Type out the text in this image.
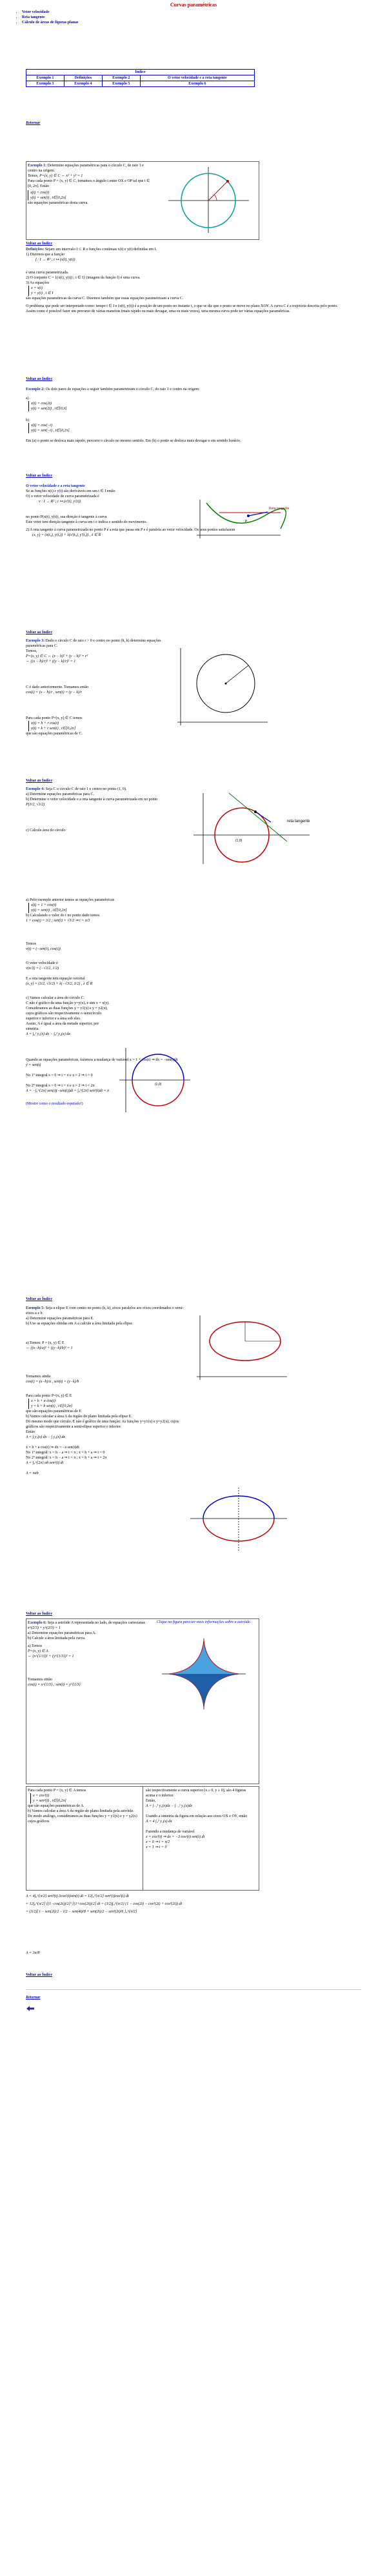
Curvas paramétricas
• Vetor velocidade
• Reta tangente
• Cálculo de áreas de figuras planas
Índice			
Exemplo 1	Definições	Exemplo 2	O vetor velocidade e a reta tangente
Exemplo 3	Exemplo 4	Exemplo 5	Exemplo 6
Retornar
Exemplo 1: Determine equações paramétricas para o círculo C, de raio 1 e centro na origem.
Temos, P=(x, y) ∈ C ⇔ x² + y² = 1
Para cada ponto P = (x, y) ∈ C, tomamos o ângulo t entre OX e OP tal que t ∈ [0, 2π]. Então
x(t) = cos(t)
y(t) = sen(t) , t∈[0,2π]
são equações paramétricas desta curva.
Voltar ao Índice
Definições: Sejam um intervalo I ⊂ R e funções contínuas x(t) e y(t) definidas em I.
1) Dizemos que a função
f : I → R² ; t ↦ (x(t), y(t))
é uma curva parametrizada.
2) O conjunto C = {(x(t), y(t)) ; t ∈ I} (imagem da função f) é uma curva.
3) As equações
x = x(t)
y = y(t) , t ∈ I
são equações paramétricas da curva C. Dizemos também que essas equações parametrizam a curva C.
O problema que pode ser interpretado como: tempo t ∈ I e (x(t), y(t)) é a posição de um ponto no instante t, o que se diz que o ponto se move no plano XOY. A curva C é a trajetória descrita pelo ponto.
Assim como é possível fazer um percurso de várias maneiras (mais rápido ou mais devagar, uma ou mais vezes), uma mesma curva pode ter várias equações paramétricas.
Voltar ao Índice
Exemplo 2: Os dois pares de equações a seguir também parametrizam o círculo C, do raio 1 e centro na origem:
a)
x(t) = cos(2t)
y(t) = sen(2t) , t∈[0,π]
b)
x(t) = cos(−t)
y(t) = sen(−t) , t∈[0,2π]
Em (a) o ponto se desloca mais rápido, percorre o círculo no mesmo sentido. Em (b) o ponto se desloca mais devagar e em sentido horário.
Voltar ao Índice
O vetor velocidade e a reta tangente
Se as funções x(t) e y(t) são deriváveis em um t ∈ I então
O) o vetor velocidade de curva parametrizada é
v : I → R² ; t ↦ (x′(t), y′(t))
no ponto P(x(t), y(t)), sua direção é tangente à curva
Este vetor tem direção tangente à curva em t e indica o sentido do movimento.
2) A reta tangente à curva parametrizada no ponto P é a reta que passa em P e é paralela ao vetor velocidade. Os seus pontos satisfazem
(x, y) = (x(t₀), y(t₀)) + λ(x′(t₀), y′(t₀)) , λ ∈ R
Reta tangente
P
Voltar ao Índice
Exemplo 3: Dado o círculo C de raio r > 0 e centro no ponto (h, k) determine equações paramétricas para C.
Temos,
P=(x, y) ∈ C ⇔ (x − h)² + (y − k)² = r²
⇔ ((x − h)/r)² + ((y − k)/r)² = 1
C é dado anteriormente. Tomamos então
cos(t) = (x − h)/r , sen(t) = (y − k)/r
Para cada ponto P=(x, y) ∈ C temos
x(t) = h + r cos(t)
y(t) = k + r sen(t) , t∈[0,2π]
que são equações paramétricas de C.
Voltar ao Índice
Exemplo 4: Seja C o círculo C de raio 1 e centro no ponto (1, 0).
a) Determine equações paramétricas para C.
b) Determine o vetor velocidade e a reta tangente à curva parametrizada em no ponto
P(3/2, √3/2)
c) Calcule área do círculo
reta tangente
(1,0)
a) Pelo exemplo anterior temos as equações paramétricas
x(t) = 1 + cos(t)
y(t) = sen(t) , t∈[0,2π]
b) Calculando o valor do t no ponto dado temos
1 + cos(t) = 3/2 ; sen(t) = √3/2 ⇒ t = π/3
Temos
v(t) = (−sen(t), cos(t))
O vetor velocidade é
v(π/3) = (−√3/2, 1/2)
E a reta tangente tem equação vetorial
(x, y) = (3/2, √3/2) + λ(−√3/2, 1/2) , λ ∈ R
c) Vamos calcular a área do círculo C.
C não é gráfico de uma função y=y(x), e sim x = x(y).
Consideramos as duas funções y = y1(x) e y = y2(x), cujos gráficos são respectivamente o semicírculo superior e inferior e a área sob eles.
Assim, A é igual a área da metade superior, por simetria.
A = ∫₀² y₁(x) dx − ∫₀² y₂(x) dx
Quando as equações paramétricas, fazemos a mudança de variável x = 1 + cos(t) ⇒ dx = −sen(t)dt
y = sen(t)
No 1º integral x = 0 ⇒ t = π e x = 2 ⇒ t = 0
No 2º integral x = 0 ⇒ t = π e x = 2 ⇒ t = 2π
A = −∫₀^{2π} sen(t)(−sen(t))dt = ∫₀^{2π} sen²(t)dt = π
(Mostre como o resultado esperado!)
(1,0)
Voltar ao Índice
Exemplo 5: Seja a elipse E com centro no ponto (h, k), eixos paralelos aos eixos coordenados e semi-eixos a e b.
a) Determine equações paramétricas para E.
b) Use as equações obtidas em A a calcule a área limitada pela elipse.
a) Temos: P = (x, y) ∈ E
⇔ ((x−h)/a)² + ((y−k)/b)² = 1
Tomamos ainda
cos(t) = (x−h)/a , sen(t) = (y−k)/b
Para cada ponto P=(x, y) ∈ E
x = h + a cos(t)
y = k + b sen(t) , t∈[0,2π]
que são equações paramétricas de E
b) Vamos calcular a área A da região do plano limitada pela elipse E.
Do mesmo modo que círculo, E não é gráfico de uma função. As funções y=y1(x) e y=y2(x), cujos gráficos são respectivamente a semi-elipse superior e inferior.
Então
A = ∫ y₁(x) dx − ∫ y₂(x) dx
x = h + a cos(t) ⇒ dx = −a sen(t)dt
No 1º integral: x = h − a ⇒ t = π ; x = h + a ⇒ t = 0
No 2º integral: x = h − a ⇒ t = π ; x = h + a ⇒ t = 2π
A = ∫₀^{2π} ab sen²(t) dt
A = πab
Voltar ao Índice
Exemplo 6: Seja a astróide A representada no lado, de equações cartesianas
x^(2/3) + y^(2/3) = 1
a) Determine equações paramétricas para A.
b) Calcule a área limitada pela curva.
a) Temos
P=(x, y) ∈ A
⇔ (x^{1/3})² + (y^{1/3})² = 1
Tomamos então
cos(t) = x^{1/3} ; sen(t) = y^{1/3}
Clique na figura para ter mais informações sobre a astróide.
Para cada ponto P = (x, y) ∈ A temos
x = cos³(t)
y = sen³(t) , t∈[0,2π]
que são equações paramétricas de A
b) Vamos calcular a área A da região do plano limitada pela astróide.
De modo análogo, consideramos as duas funções y = y1(x) e y = y2(x) cujos gráficos
são respectivamente a curva superior (x ≥ 0, y ≥ 0), são 4 figuras acima e o inferior.
Então,
A = ∫₋₁¹ y₁(x)dx − ∫₋₁¹ y₂(x)dx
Usando a simetria da figura em relação aos eixos OX e OY, então
A = 4 ∫₀¹ y₁(x) dx
Fazendo a mudança de variável
x = cos³(t) ⇒ dx = −3 cos²(t) sen(t) dt
x = 0 ⇒ t = π/2
x = 1 ⇒ t = 0
A = 4∫₀^{π/2} sen³(t)·3cos²(t)sen(t) dt = 12∫₀^{π/2} sen⁴(t)cos²(t) dt
= 12∫₀^{π/2} [(1−cos(2t))/2]² [(1+cos(2t))/2] dt = (3/2)∫₀^{π/2} (1 − cos(2t) − cos²(2t) + cos³(2t)) dt
= (3/2)[ t − sen(2t)/2 − t/2 − sen(4t)/8 + sen(2t)/2 − sen³(2t)/6 ]₀^{π/2}
A = 3π/8
Voltar ao Índice
Retornar
